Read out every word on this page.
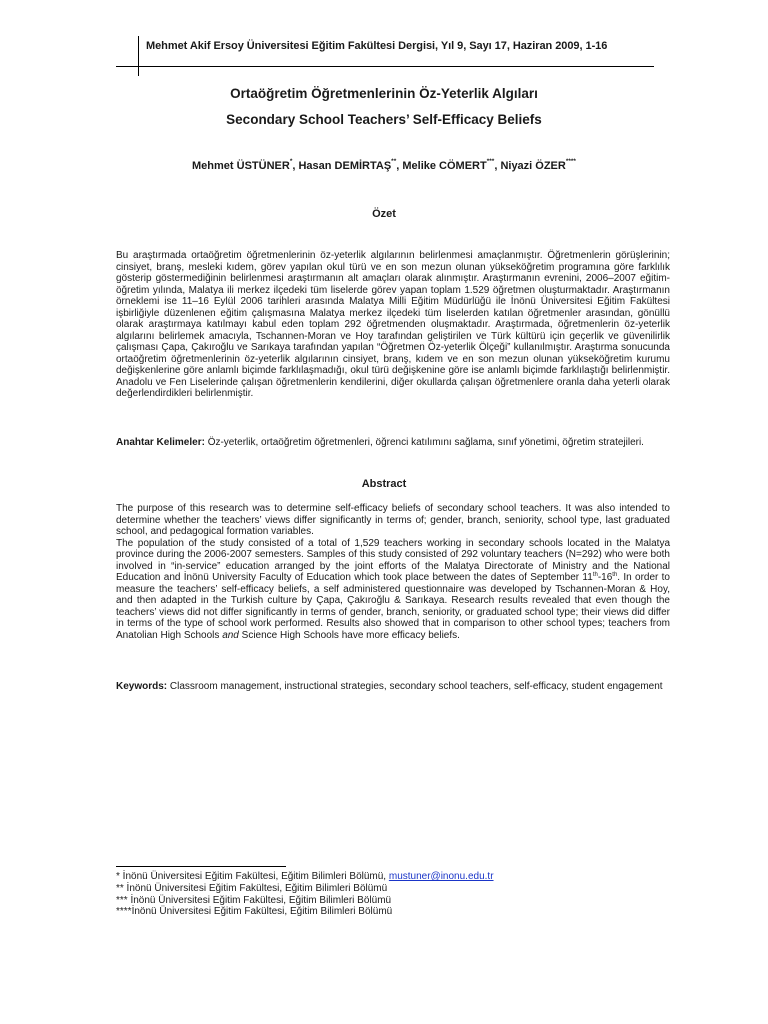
Mehmet Akif Ersoy Üniversitesi Eğitim Fakültesi Dergisi, Yıl 9, Sayı 17, Haziran 2009, 1-16
Ortaöğretim Öğretmenlerinin Öz-Yeterlik Algıları
Secondary School Teachers’ Self-Efficacy Beliefs
Mehmet ÜSTÜNER*, Hasan DEMİRTAŞ**, Melike CÖMERT***, Niyazi ÖZER****
Özet
Bu araştırmada ortaöğretim öğretmenlerinin öz-yeterlik algılarının belirlenmesi amaçlanmıştır. Öğretmenlerin görüşlerinin; cinsiyet, branş, mesleki kıdem, görev yapılan okul türü ve en son mezun olunan yükseköğretim programına göre farklılık gösterip göstermediğinin belirlenmesi araştırmanın alt amaçları olarak alınmıştır. Araştırmanın evrenini, 2006–2007 eğitim-öğretim yılında, Malatya ili merkez ilçedeki tüm liselerde görev yapan toplam 1.529 öğretmen oluşturmaktadır. Araştırmanın örneklemi ise 11–16 Eylül 2006 tarihleri arasında Malatya Milli Eğitim Müdürlüğü ile İnönü Üniversitesi Eğitim Fakültesi işbirliğiyle düzenlenen eğitim çalışmasına Malatya merkez ilçedeki tüm liselerden katılan öğretmenler arasından, gönüllü olarak araştırmaya katılmayı kabul eden toplam 292 öğretmenden oluşmaktadır. Araştırmada, öğretmenlerin öz-yeterlik algılarını belirlemek amacıyla, Tschannen-Moran ve Hoy tarafından geliştirilen ve Türk kültürü için geçerlik ve güvenilirlik çalışması Çapa, Çakıroğlu ve Sarıkaya tarafından yapılan “Öğretmen Öz-yeterlik Ölçeği” kullanılmıştır. Araştırma sonucunda ortaöğretim öğretmenlerinin öz-yeterlik algılarının cinsiyet, branş, kıdem ve en son mezun olunan yükseköğretim kurumu değişkenlerine göre anlamlı biçimde farklılaşmadığı, okul türü değişkenine göre ise anlamlı biçimde farklılaştığı belirlenmiştir. Anadolu ve Fen Liselerinde çalışan öğretmenlerin kendilerini, diğer okullarda çalışan öğretmenlere oranla daha yeterli olarak değerlendirdikleri belirlenmiştir.
Anahtar Kelimeler: Öz-yeterlik, ortaöğretim öğretmenleri, öğrenci katılımını sağlama, sınıf yönetimi, öğretim stratejileri.
Abstract
The purpose of this research was to determine self-efficacy beliefs of secondary school teachers. It was also intended to determine whether the teachers’ views differ significantly in terms of; gender, branch, seniority, school type, last graduated school, and pedagogical formation variables.
The population of the study consisted of a total of 1,529 teachers working in secondary schools located in the Malatya province during the 2006-2007 semesters. Samples of this study consisted of 292 voluntary teachers (N=292) who were both involved in “in-service” education arranged by the joint efforts of the Malatya Directorate of Ministry and the National Education and İnönü University Faculty of Education which took place between the dates of September 11th-16th. In order to measure the teachers’ self-efficacy beliefs, a self administered questionnaire was developed by Tschannen-Moran & Hoy, and then adapted in the Turkish culture by Çapa, Çakıroğlu & Sarıkaya. Research results revealed that even though the teachers’ views did not differ significantly in terms of gender, branch, seniority, or graduated school type; their views did differ in terms of the type of school work performed. Results also showed that in comparison to other school types; teachers from Anatolian High Schools and Science High Schools have more efficacy beliefs.
Keywords: Classroom management, instructional strategies, secondary school teachers, self-efficacy, student engagement
* İnönü Üniversitesi Eğitim Fakültesi, Eğitim Bilimleri Bölümü, mustuner@inonu.edu.tr
** İnönü Üniversitesi Eğitim Fakültesi, Eğitim Bilimleri Bölümü
*** İnönü Üniversitesi Eğitim Fakültesi, Eğitim Bilimleri Bölümü
****İnönü Üniversitesi Eğitim Fakültesi, Eğitim Bilimleri Bölümü
